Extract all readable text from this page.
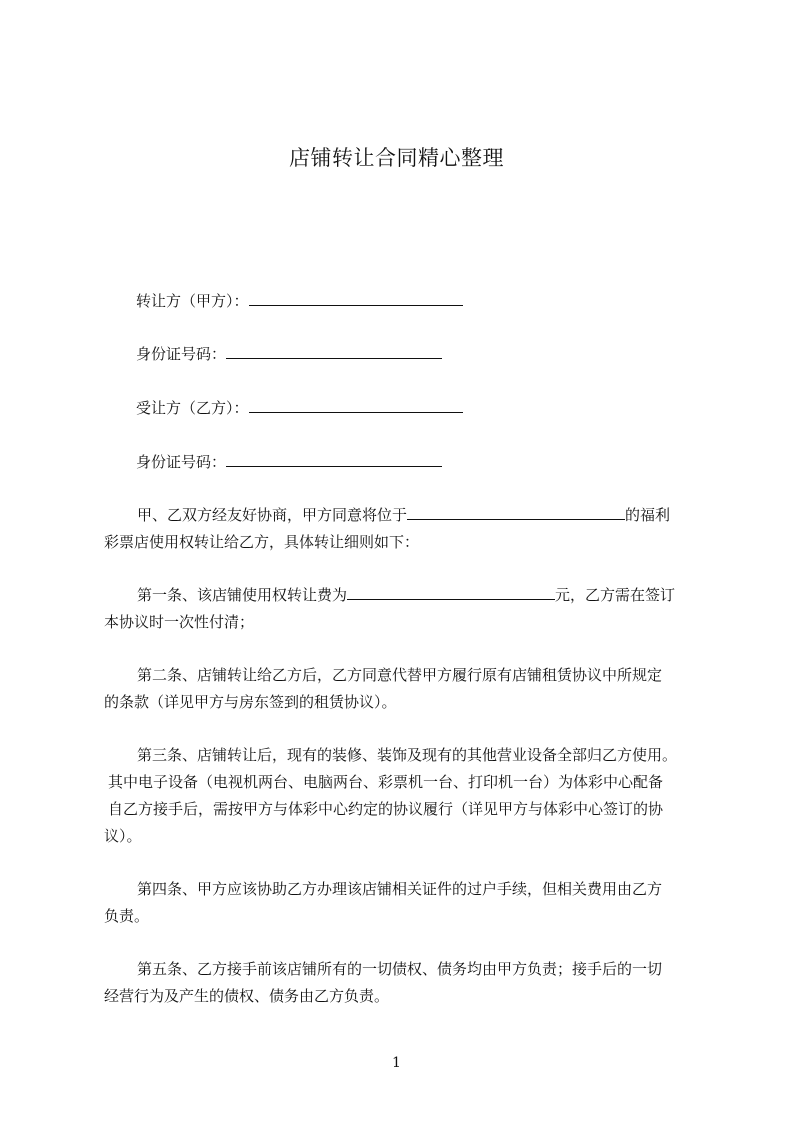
店铺转让合同精心整理
转让方（甲方）：
身份证号码：
受让方（乙方）：
身份证号码：
甲、乙双方经友好协商，甲方同意将位于	的福利
彩票店使用权转让给乙方，具体转让细则如下：
第一条、该店铺使用权转让费为	元，乙方需在签订
本协议时一次性付清；
第二条、店铺转让给乙方后，乙方同意代替甲方履行原有店铺租赁协议中所规定
的条款（详见甲方与房东签到的租赁协议）。
第三条、店铺转让后，现有的装修、装饰及现有的其他营业设备全部归乙方使用。
其中电子设备（电视机两台、电脑两台、彩票机一台、打印机一台）为体彩中心配备
自乙方接手后，需按甲方与体彩中心约定的协议履行（详见甲方与体彩中心签订的协
议）。
第四条、甲方应该协助乙方办理该店铺相关证件的过户手续，但相关费用由乙方
负责。
第五条、乙方接手前该店铺所有的一切债权、债务均由甲方负责；接手后的一切
经营行为及产生的债权、债务由乙方负责。
1
